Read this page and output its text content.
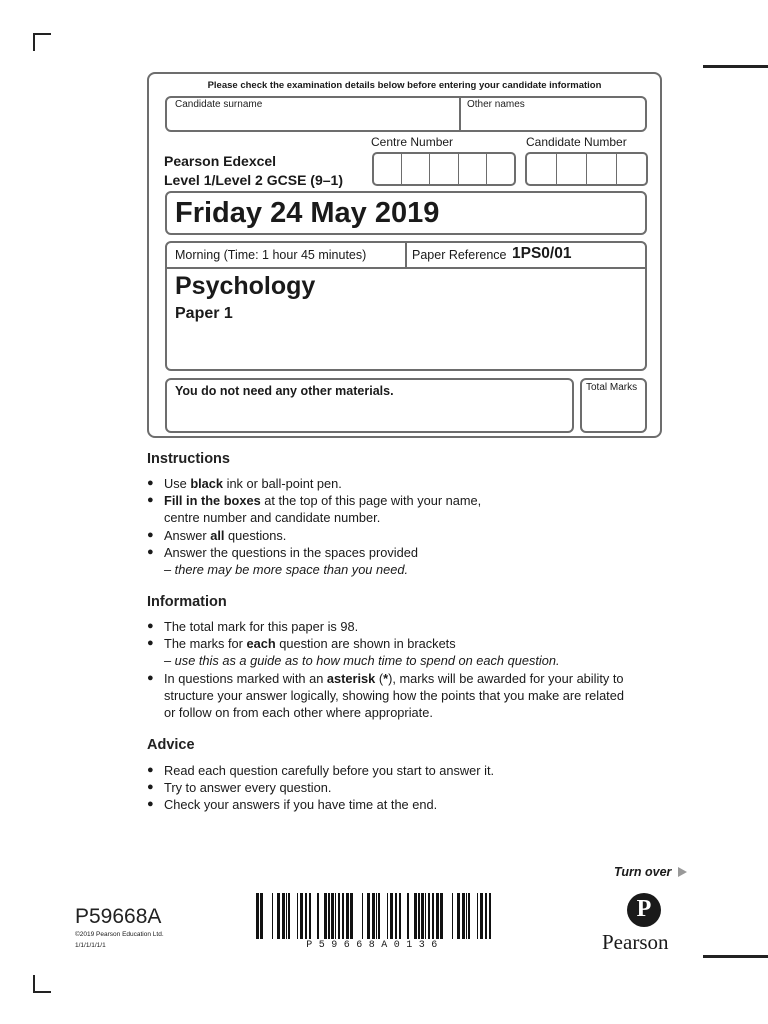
Please check the examination details below before entering your candidate information
Candidate surname	Other names
Centre Number	Candidate Number
Pearson Edexcel
Level 1/Level 2 GCSE (9–1)
Friday 24 May 2019
Morning (Time: 1 hour 45 minutes)	Paper Reference 1PS0/01
Psychology
Paper 1
You do not need any other materials.	Total Marks
Instructions
● Use black ink or ball-point pen.
● Fill in the boxes at the top of this page with your name,
centre number and candidate number.
● Answer all questions.
● Answer the questions in the spaces provided
– there may be more space than you need.
Information
● The total mark for this paper is 98.
● The marks for each question are shown in brackets
– use this as a guide as to how much time to spend on each question.
● In questions marked with an asterisk (*), marks will be awarded for your ability to
structure your answer logically, showing how the points that you make are related
or follow on from each other where appropriate.
Advice
● Read each question carefully before you start to answer it.
● Try to answer every question.
● Check your answers if you have time at the end.
Turn over
P59668A
©2019 Pearson Education Ltd.
1/1/1/1/1/1	P59668A0136
P
Pearson
